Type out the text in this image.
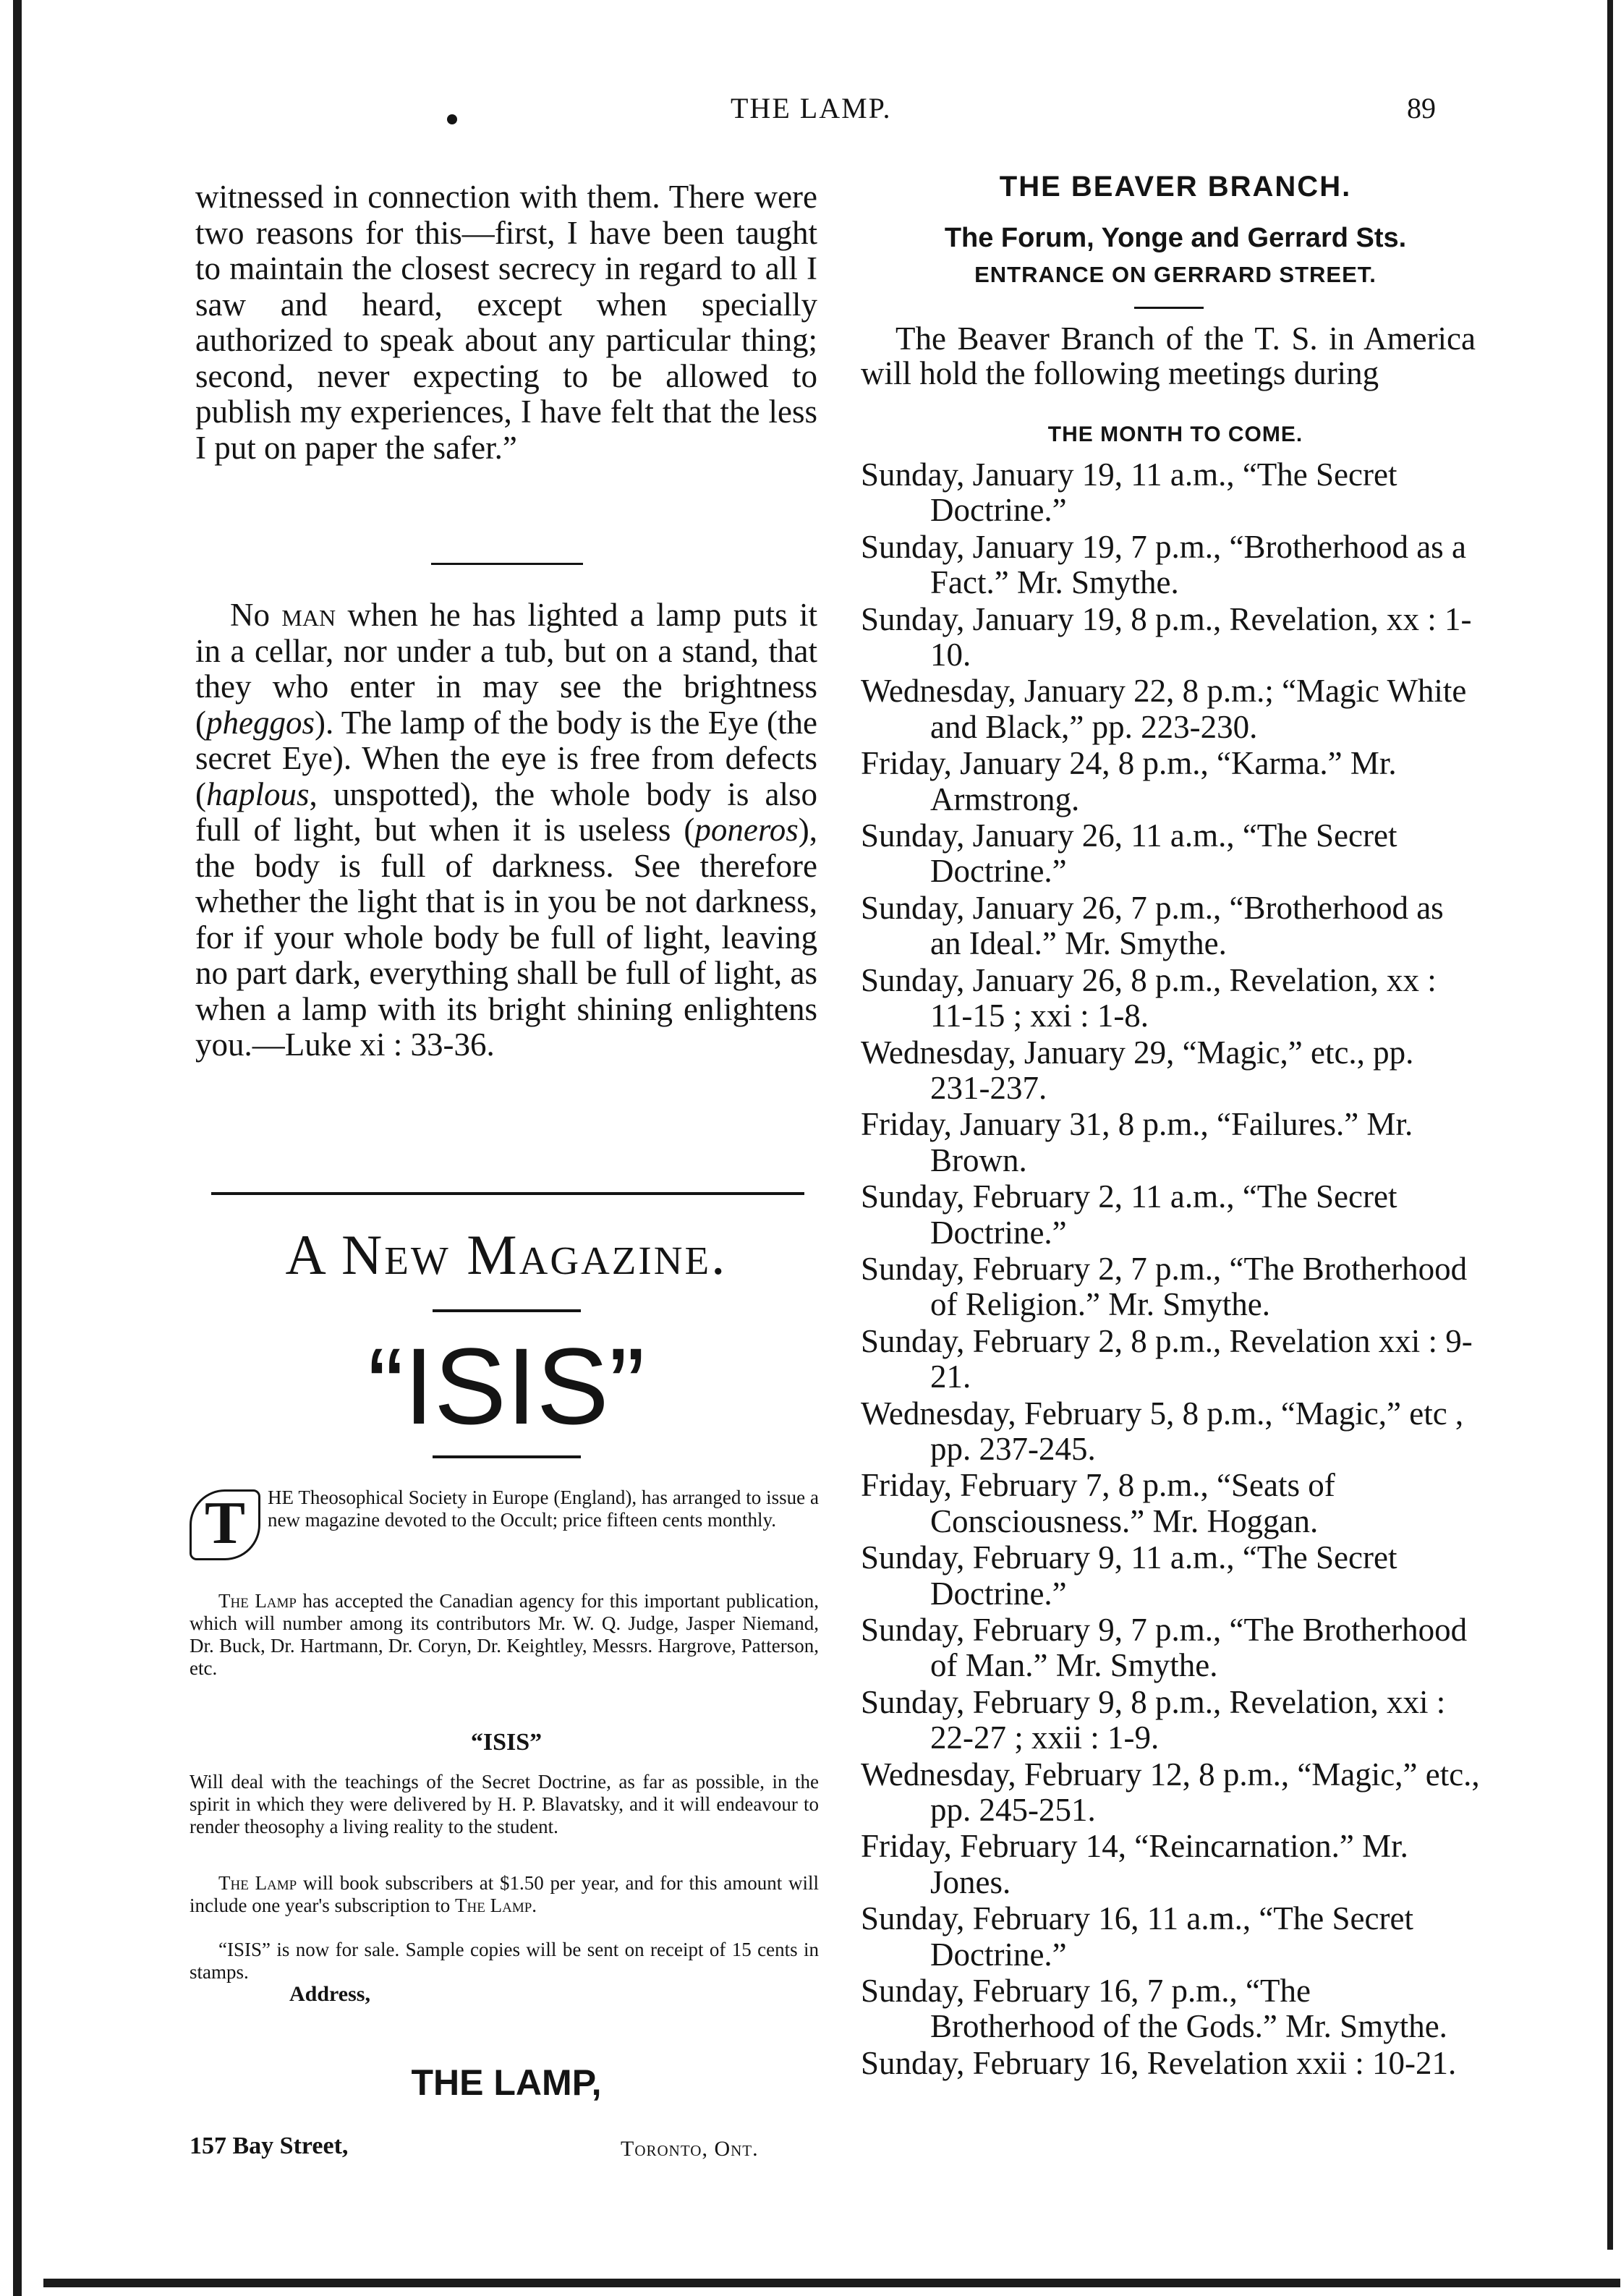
THE LAMP.	89

witnessed in connection with them. There were two reasons for this—first, I have been taught to maintain the closest secrecy in regard to all I saw and heard, except when specially authorized to speak about any particular thing; second, never expecting to be allowed to publish my experiences, I have felt that the less I put on paper the safer.”

No man when he has lighted a lamp puts it in a cellar, nor under a tub, but on a stand, that they who enter in may see the brightness (pheggos). The lamp of the body is the Eye (the secret Eye). When the eye is free from defects (haplous, unspotted), the whole body is also full of light, but when it is useless (poneros), the body is full of darkness. See therefore whether the light that is in you be not darkness, for if your whole body be full of light, leaving no part dark, everything shall be full of light, as when a lamp with its bright shining enlightens you.—Luke xi : 33-36.

A New Magazine.
“ISIS”
T	HE Theosophical Society in Europe (England), has arranged to issue a new magazine devoted to the Occult; price fifteen cents monthly.
The Lamp has accepted the Canadian agency for this important publication, which will number among its contributors Mr. W. Q. Judge, Jasper Niemand, Dr. Buck, Dr. Hartmann, Dr. Coryn, Dr. Keightley, Messrs. Hargrove, Patterson, etc.
“ISIS”
Will deal with the teachings of the Secret Doctrine, as far as possible, in the spirit in which they were delivered by H. P. Blavatsky, and it will endeavour to render theosophy a living reality to the student.
The Lamp will book subscribers at $1.50 per year, and for this amount will include one year's subscription to The Lamp.
“ISIS” is now for sale. Sample copies will be sent on receipt of 15 cents in stamps.
Address,
THE LAMP,
157 Bay Street,	Toronto, Ont.
THE BEAVER BRANCH.
The Forum, Yonge and Gerrard Sts.
ENTRANCE ON GERRARD STREET.
The Beaver Branch of the T. S. in America will hold the following meetings during
THE MONTH TO COME.
Sunday, January 19, 11 a.m., “The Secret Doctrine.”
Sunday, January 19, 7 p.m., “Brotherhood as a Fact.” Mr. Smythe.
Sunday, January 19, 8 p.m., Revelation, xx : 1-10.
Wednesday, January 22, 8 p.m.; “Magic White and Black,” pp. 223-230.
Friday, January 24, 8 p.m., “Karma.” Mr. Armstrong.
Sunday, January 26, 11 a.m., “The Secret Doctrine.”
Sunday, January 26, 7 p.m., “Brotherhood as an Ideal.” Mr. Smythe.
Sunday, January 26, 8 p.m., Revelation, xx : 11-15 ; xxi : 1-8.
Wednesday, January 29, “Magic,” etc., pp. 231-237.
Friday, January 31, 8 p.m., “Failures.” Mr. Brown.
Sunday, February 2, 11 a.m., “The Secret Doctrine.”
Sunday, February 2, 7 p.m., “The Brotherhood of Religion.” Mr. Smythe.
Sunday, February 2, 8 p.m., Revelation xxi : 9-21.
Wednesday, February 5, 8 p.m., “Magic,” etc , pp. 237-245.
Friday, February 7, 8 p.m., “Seats of Consciousness.” Mr. Hoggan.
Sunday, February 9, 11 a.m., “The Secret Doctrine.”
Sunday, February 9, 7 p.m., “The Brotherhood of Man.” Mr. Smythe.
Sunday, February 9, 8 p.m., Revelation, xxi : 22-27 ; xxii : 1-9.
Wednesday, February 12, 8 p.m., “Magic,” etc., pp. 245-251.
Friday, February 14, “Reincarnation.” Mr. Jones.
Sunday, February 16, 11 a.m., “The Secret Doctrine.”
Sunday, February 16, 7 p.m., “The Brotherhood of the Gods.” Mr. Smythe.
Sunday, February 16, Revelation xxii : 10-21.
